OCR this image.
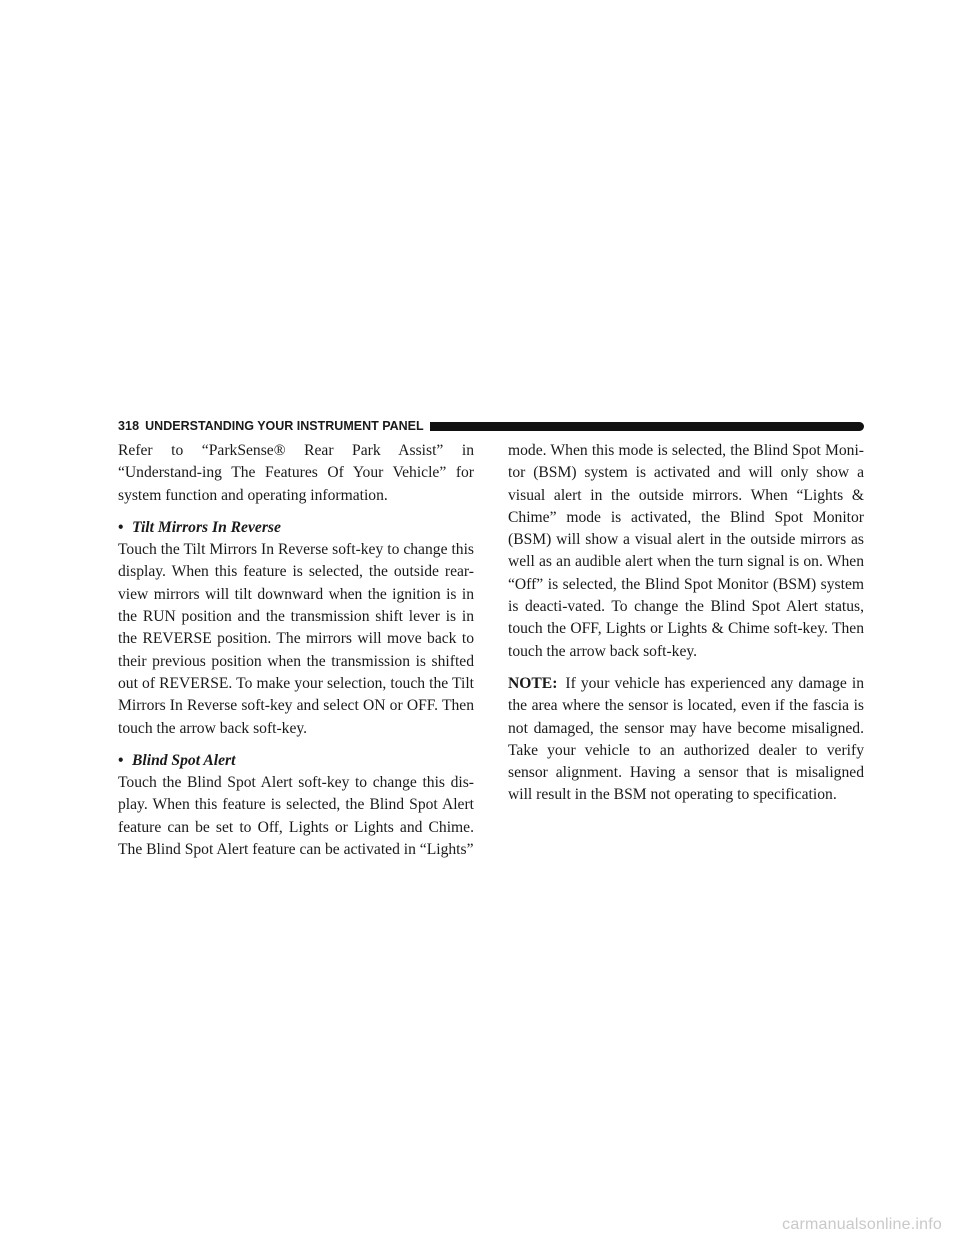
318 UNDERSTANDING YOUR INSTRUMENT PANEL

Refer to “ParkSense® Rear Park Assist” in “Understand-ing The Features Of Your Vehicle” for system function and operating information.

• Tilt Mirrors In Reverse

Touch the Tilt Mirrors In Reverse soft-key to change this display. When this feature is selected, the outside rear-view mirrors will tilt downward when the ignition is in the RUN position and the transmission shift lever is in the REVERSE position. The mirrors will move back to their previous position when the transmission is shifted out of REVERSE. To make your selection, touch the Tilt Mirrors In Reverse soft-key and select ON or OFF. Then touch the arrow back soft-key.

• Blind Spot Alert

Touch the Blind Spot Alert soft-key to change this dis-play. When this feature is selected, the Blind Spot Alert feature can be set to Off, Lights or Lights and Chime. The Blind Spot Alert feature can be activated in “Lights”

mode. When this mode is selected, the Blind Spot Moni-tor (BSM) system is activated and will only show a visual alert in the outside mirrors. When “Lights & Chime” mode is activated, the Blind Spot Monitor (BSM) will show a visual alert in the outside mirrors as well as an audible alert when the turn signal is on. When “Off” is selected, the Blind Spot Monitor (BSM) system is deacti-vated. To change the Blind Spot Alert status, touch the OFF, Lights or Lights & Chime soft-key. Then touch the arrow back soft-key.

NOTE: If your vehicle has experienced any damage in the area where the sensor is located, even if the fascia is not damaged, the sensor may have become misaligned. Take your vehicle to an authorized dealer to verify sensor alignment. Having a sensor that is misaligned will result in the BSM not operating to specification.

carmanualsonline.info
